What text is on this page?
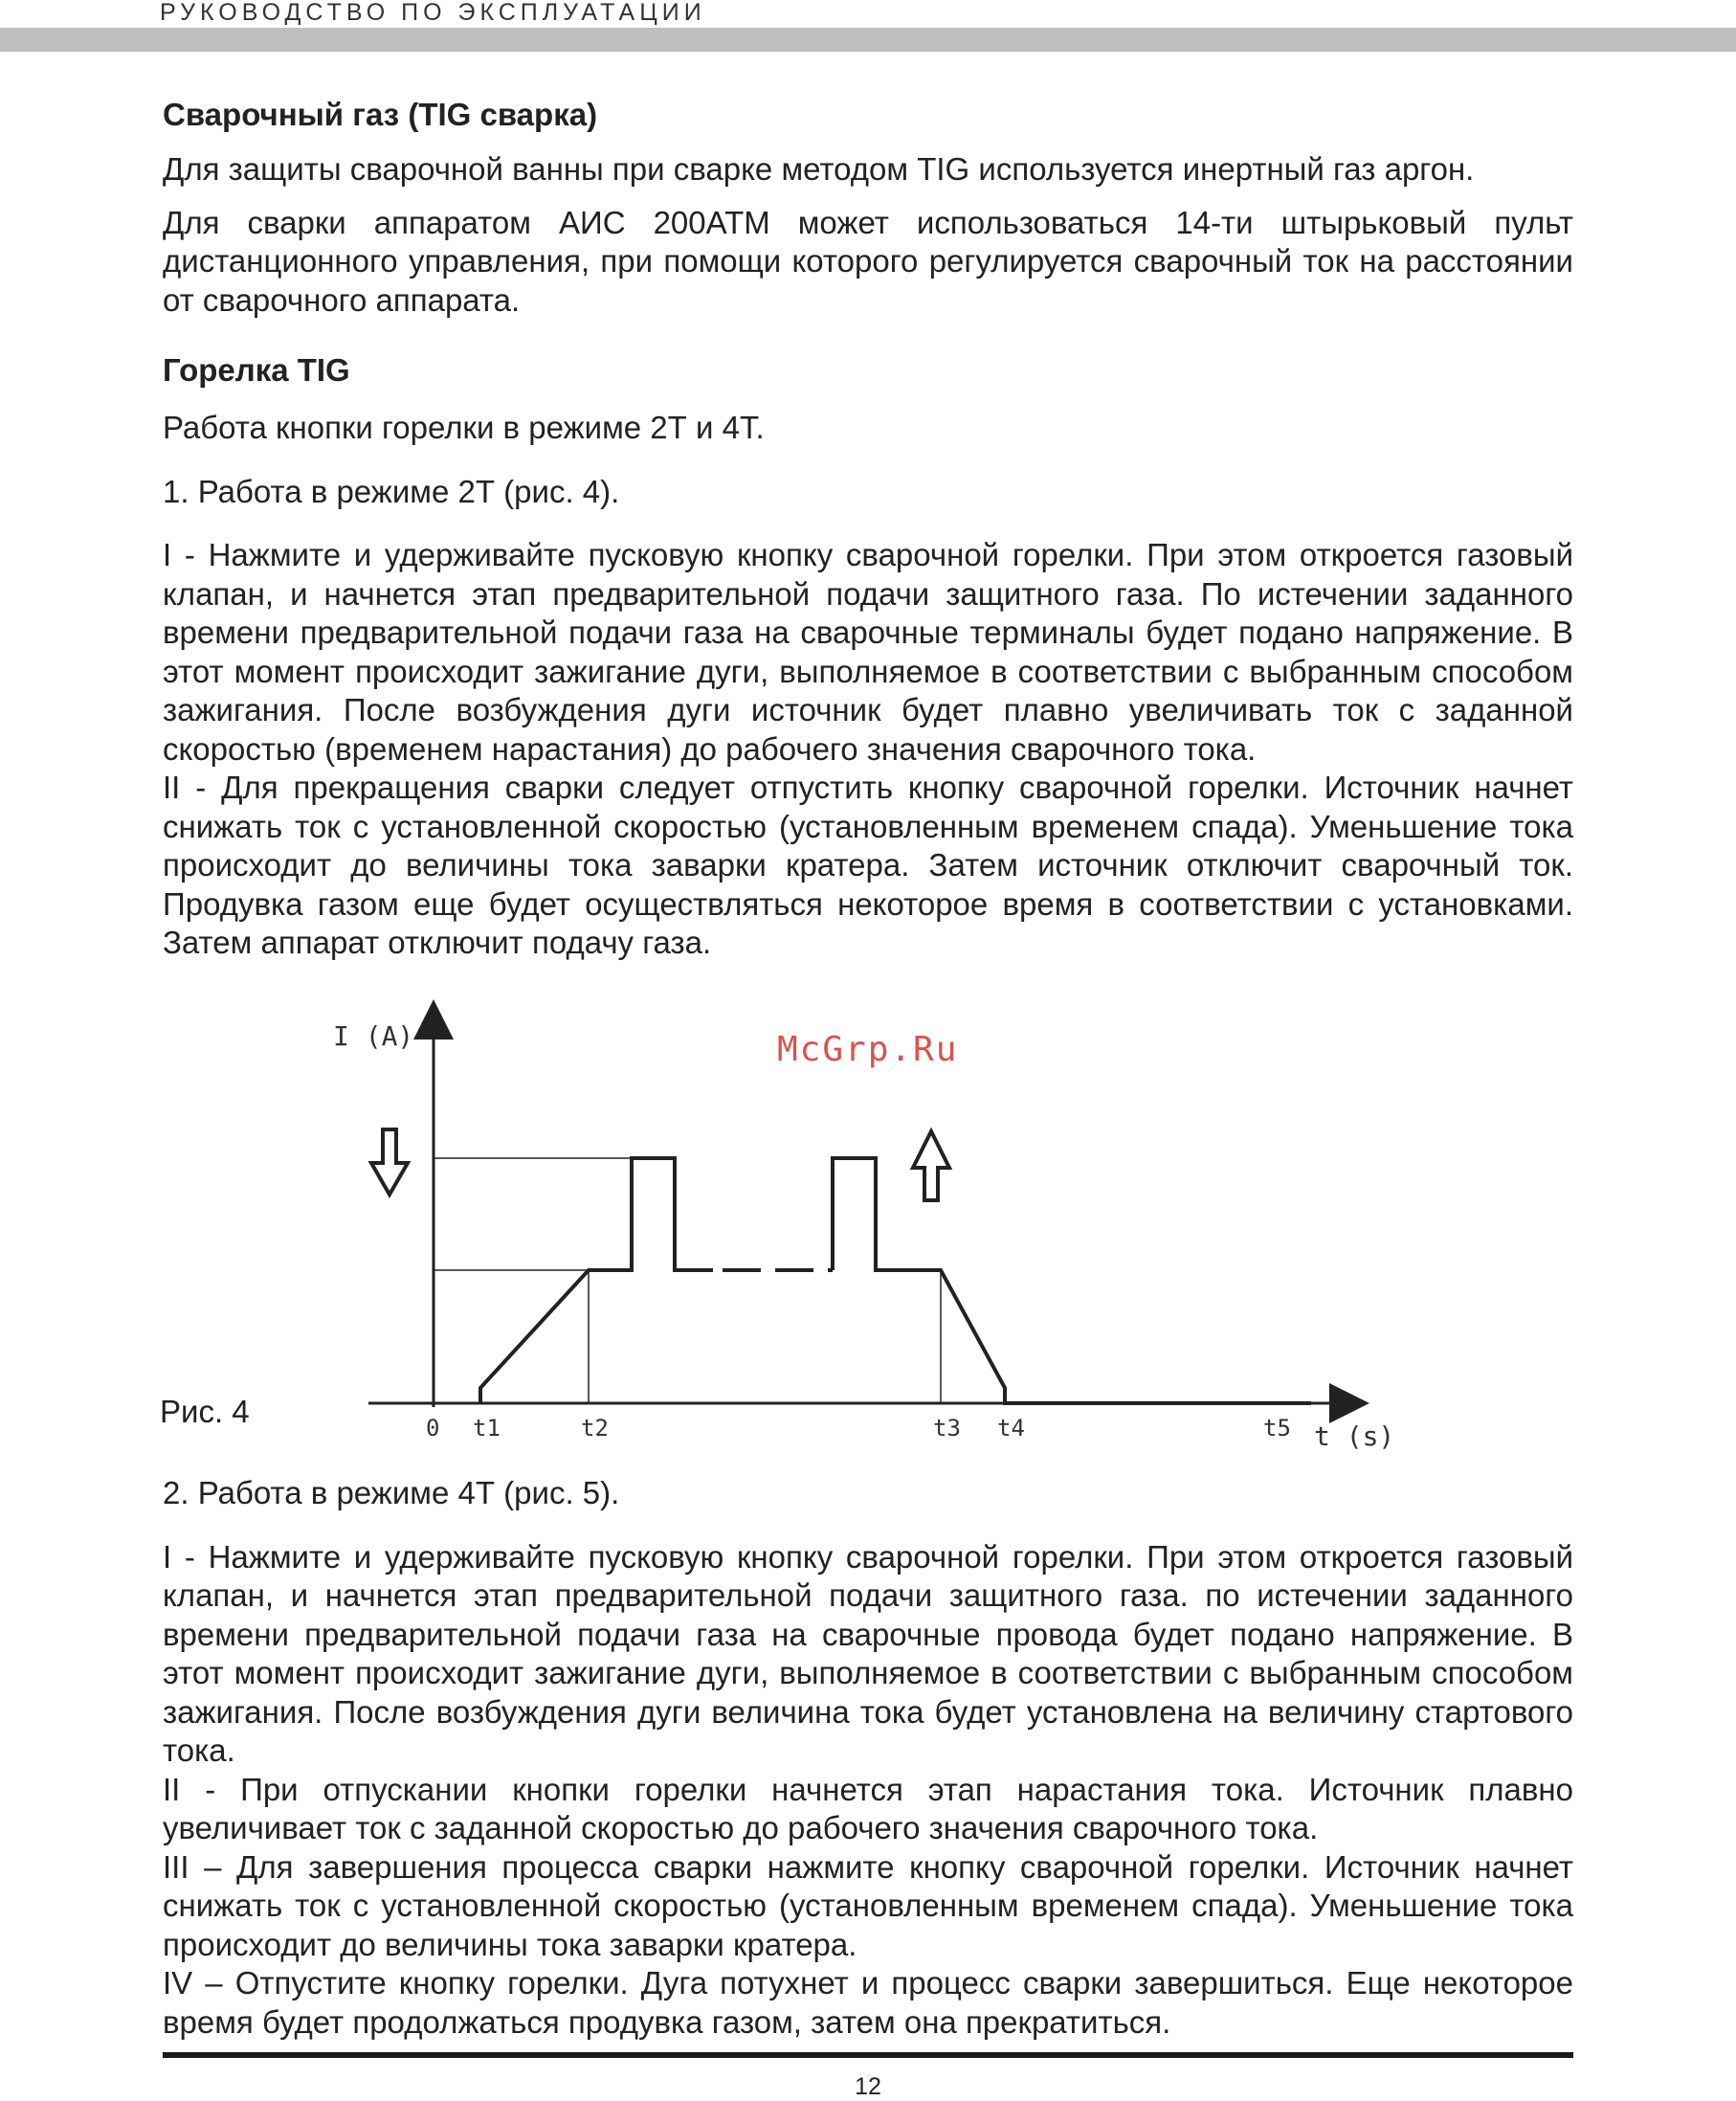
РУКОВОДСТВО ПО ЭКСПЛУАТАЦИИ

Сварочный газ (TIG сварка)

Для защиты сварочной ванны при сварке методом TIG используется инертный газ аргон.

Для сварки аппаратом АИС 200АТМ может использоваться 14-ти штырьковый пульт дистанционного управления, при помощи которого регулируется сварочный ток на расстоянии от сварочного аппарата.

Горелка TIG

Работа кнопки горелки в режиме 2Т и 4Т.

1. Работа в режиме 2Т (рис. 4).

I - Нажмите и удерживайте пусковую кнопку сварочной горелки. При этом откроется газовый клапан, и начнется этап предварительной подачи защитного газа. По истечении заданного времени предварительной подачи газа на сварочные терминалы будет подано напряжение. В этот момент происходит зажигание дуги, выполняемое в соответствии с выбранным способом зажигания. После возбуждения дуги источник будет плавно увеличивать ток с заданной скоростью (временем нарастания) до рабочего значения сварочного тока.

II - Для прекращения сварки следует отпустить кнопку сварочной горелки. Источник начнет снижать ток с установленной скоростью (установленным временем спада). Уменьшение тока происходит до величины тока заварки кратера. Затем источник отключит сварочный ток. Продувка газом еще будет осуществляться некоторое время в соответствии с установками. Затем аппарат отключит подачу газа.

McGrp.Ru
I (A)
t (s)
0 t1	t2	t3 t4	t5
Рис. 4

2. Работа в режиме 4Т (рис. 5).

I - Нажмите и удерживайте пусковую кнопку сварочной горелки. При этом откроется газовый клапан, и начнется этап предварительной подачи защитного газа. по истечении заданного времени предварительной подачи газа на сварочные провода будет подано напряжение. В этот момент происходит зажигание дуги, выполняемое в соответствии с выбранным способом зажигания. После возбуждения дуги величина тока будет установлена на величину стартового тока.

II - При отпускании кнопки горелки начнется этап нарастания тока. Источник плавно увеличивает ток с заданной скоростью до рабочего значения сварочного тока.

III – Для завершения процесса сварки нажмите кнопку сварочной горелки. Источник начнет снижать ток с установленной скоростью (установленным временем спада). Уменьшение тока происходит до величины тока заварки кратера.

IV – Отпустите кнопку горелки. Дуга потухнет и процесс сварки завершиться. Еще некоторое время будет продолжаться продувка газом, затем она прекратиться.

12
